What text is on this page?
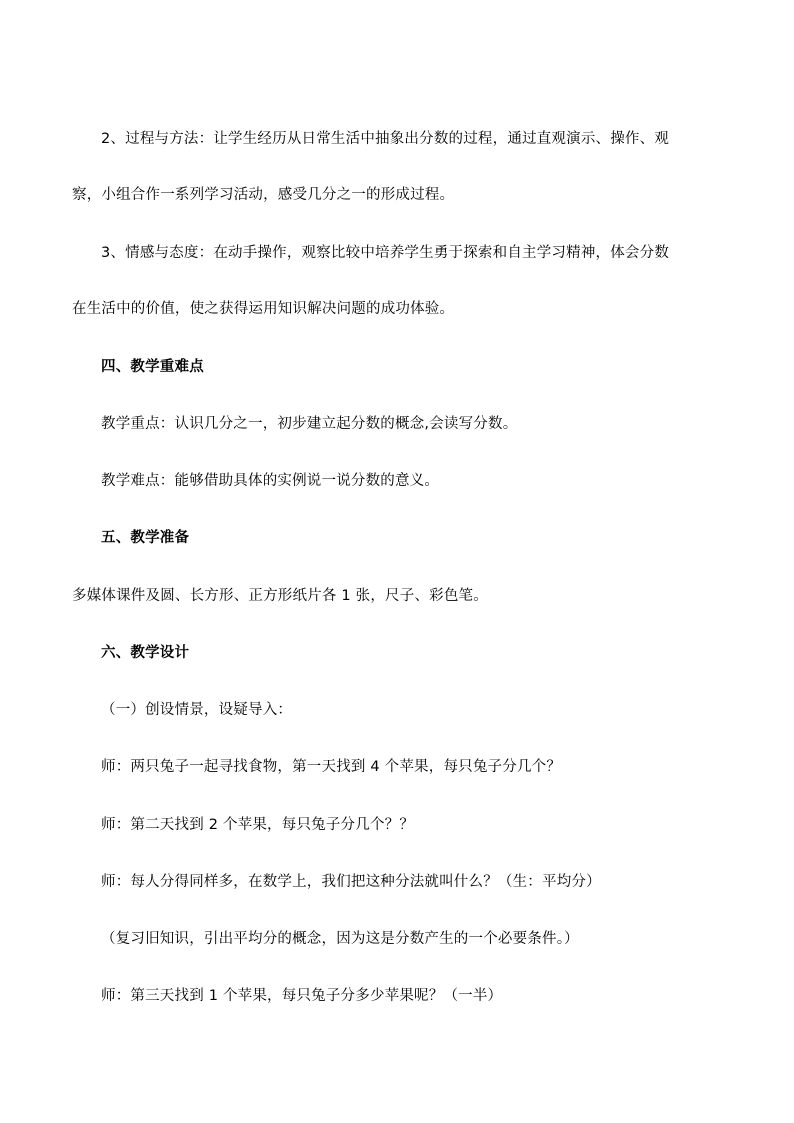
2、过程与方法：让学生经历从日常生活中抽象出分数的过程，通过直观演示、操作、观
察，小组合作一系列学习活动，感受几分之一的形成过程。
3、情感与态度：在动手操作，观察比较中培养学生勇于探索和自主学习精神，体会分数
在生活中的价值，使之获得运用知识解决问题的成功体验。
四、教学重难点
教学重点：认识几分之一，初步建立起分数的概念,会读写分数。
教学难点：能够借助具体的实例说一说分数的意义。
五、教学准备
多媒体课件及圆、长方形、正方形纸片各 1 张，尺子、彩色笔。
六、教学设计
（一）创设情景，设疑导入：
师：两只兔子一起寻找食物，第一天找到 4 个苹果，每只兔子分几个？
师：第二天找到 2 个苹果，每只兔子分几个？？
师：每人分得同样多，在数学上，我们把这种分法就叫什么？（生：平均分）
（复习旧知识，引出平均分的概念，因为这是分数产生的一个必要条件。）
师：第三天找到 1 个苹果，每只兔子分多少苹果呢？（一半）
